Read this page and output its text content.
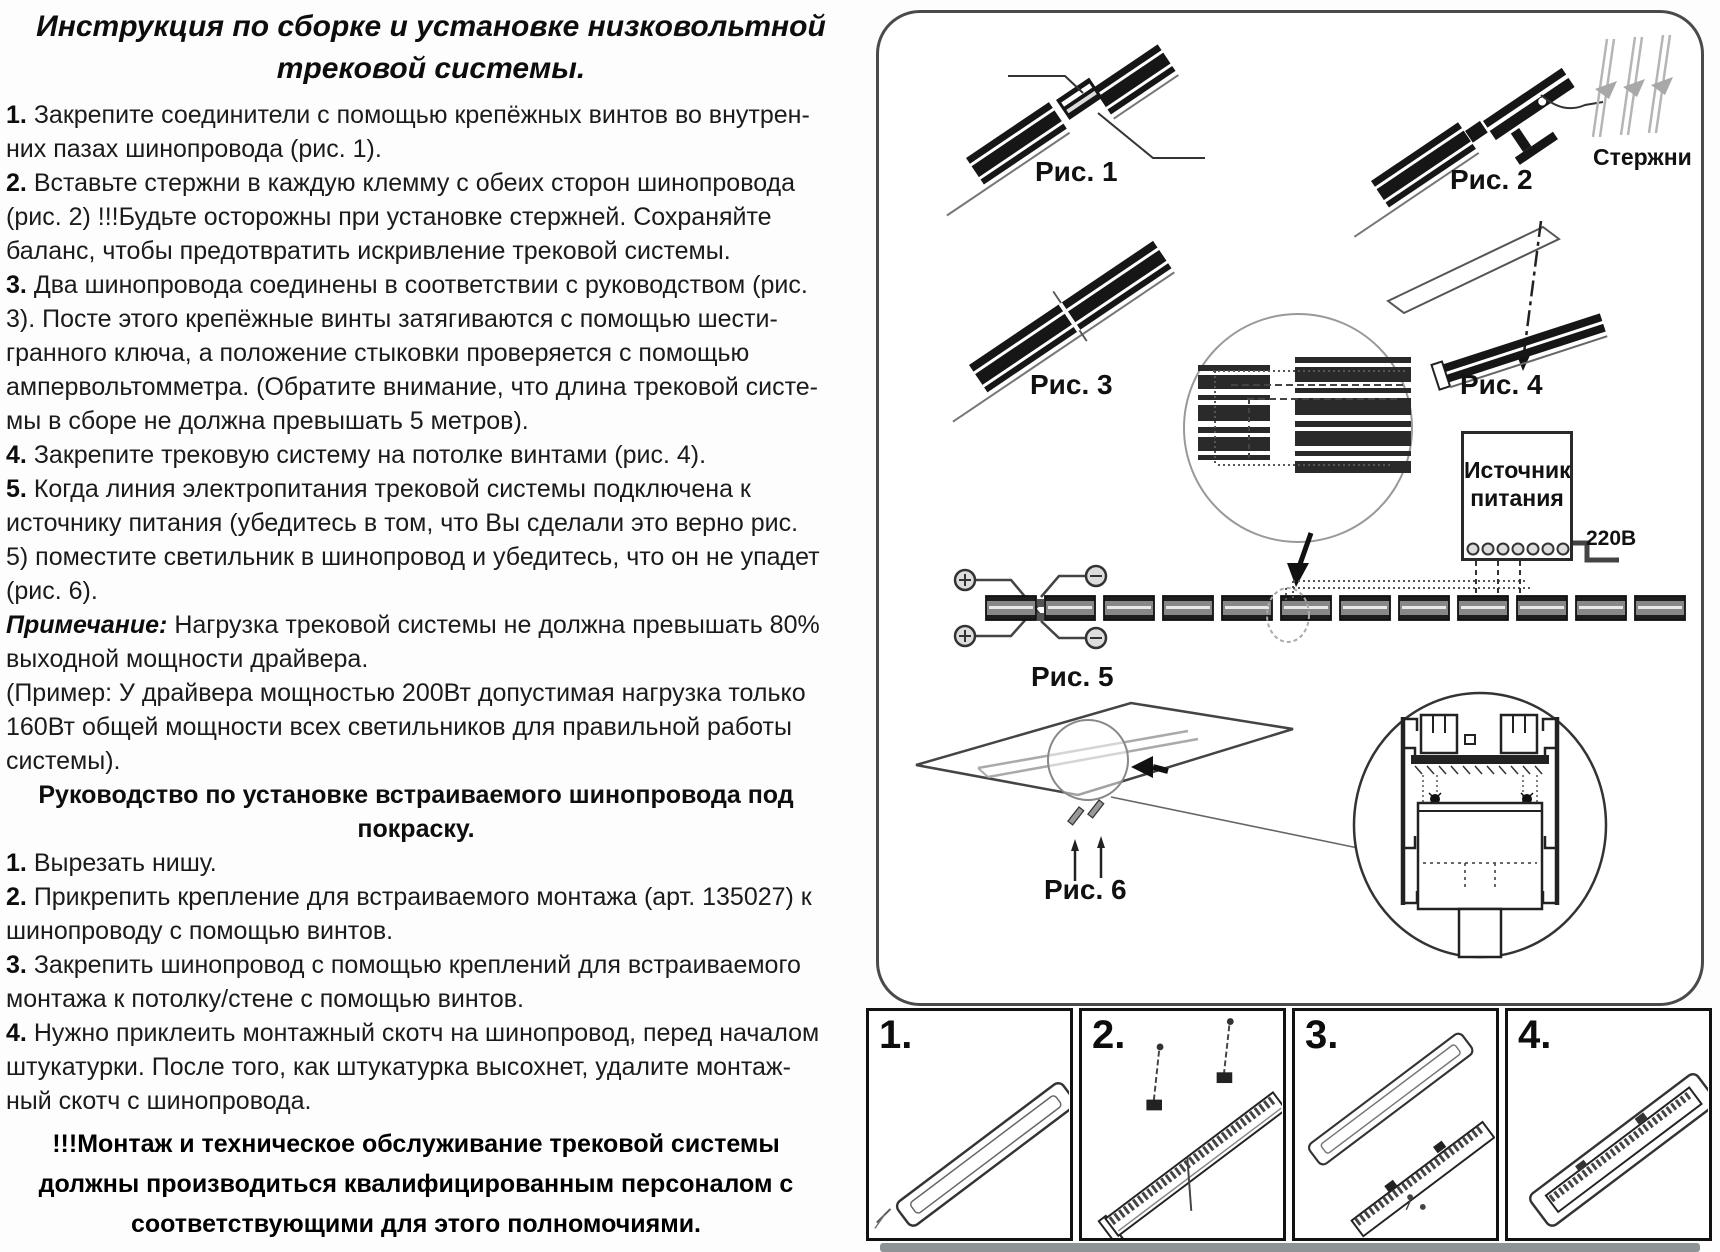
Инструкция по сборке и установке низковольтной
трековой системы.
1. Закрепите соединители с помощью крепёжных винтов во внутрен-
них пазах шинопровода (рис. 1).
2. Вставьте стержни в каждую клемму с обеих сторон шинопровода
(рис. 2) !!!Будьте осторожны при установке стержней. Сохраняйте
баланс, чтобы предотвратить искривление трековой системы.
3. Два шинопровода соединены в соответствии с руководством (рис.
3). Посте этого крепёжные винты затягиваются с помощью шести-
гранного ключа, а положение стыковки проверяется с помощью
ампервольтомметра. (Обратите внимание, что длина трековой систе-
мы в сборе не должна превышать 5 метров).
4. Закрепите трековую систему на потолке винтами (рис. 4).
5. Когда линия электропитания трековой системы подключена к
источнику питания (убедитесь в том, что Вы сделали это верно рис.
5) поместите светильник в шинопровод и убедитесь, что он не упадет
(рис. 6).
Примечание: Нагрузка трековой системы не должна превышать 80%
выходной мощности драйвера.
(Пример: У драйвера мощностью 200Вт допустимая нагрузка только
160Вт общей мощности всех светильников для правильной работы
системы).
Руководство по установке встраиваемого шинопровода под
покраску.
1. Вырезать нишу.
2. Прикрепить крепление для встраиваемого монтажа (арт. 135027) к
шинопроводу с помощью винтов.
3. Закрепить шинопровод с помощью креплений для встраиваемого
монтажа к потолку/стене с помощью винтов.
4. Нужно приклеить монтажный скотч на шинопровод, перед началом
штукатурки. После того, как штукатурка высохнет, удалите монтаж-
ный скотч с шинопровода.
!!!Монтаж и техническое обслуживание трековой системы
должны производиться квалифицированным персоналом с
соответствующими для этого полномочиями.
Рис. 1	Рис. 2
Стержни
Рис. 3	Рис. 4
Рис. 5
Рис. 6
220В
Источник
питания
1.	2.	3.	4.
